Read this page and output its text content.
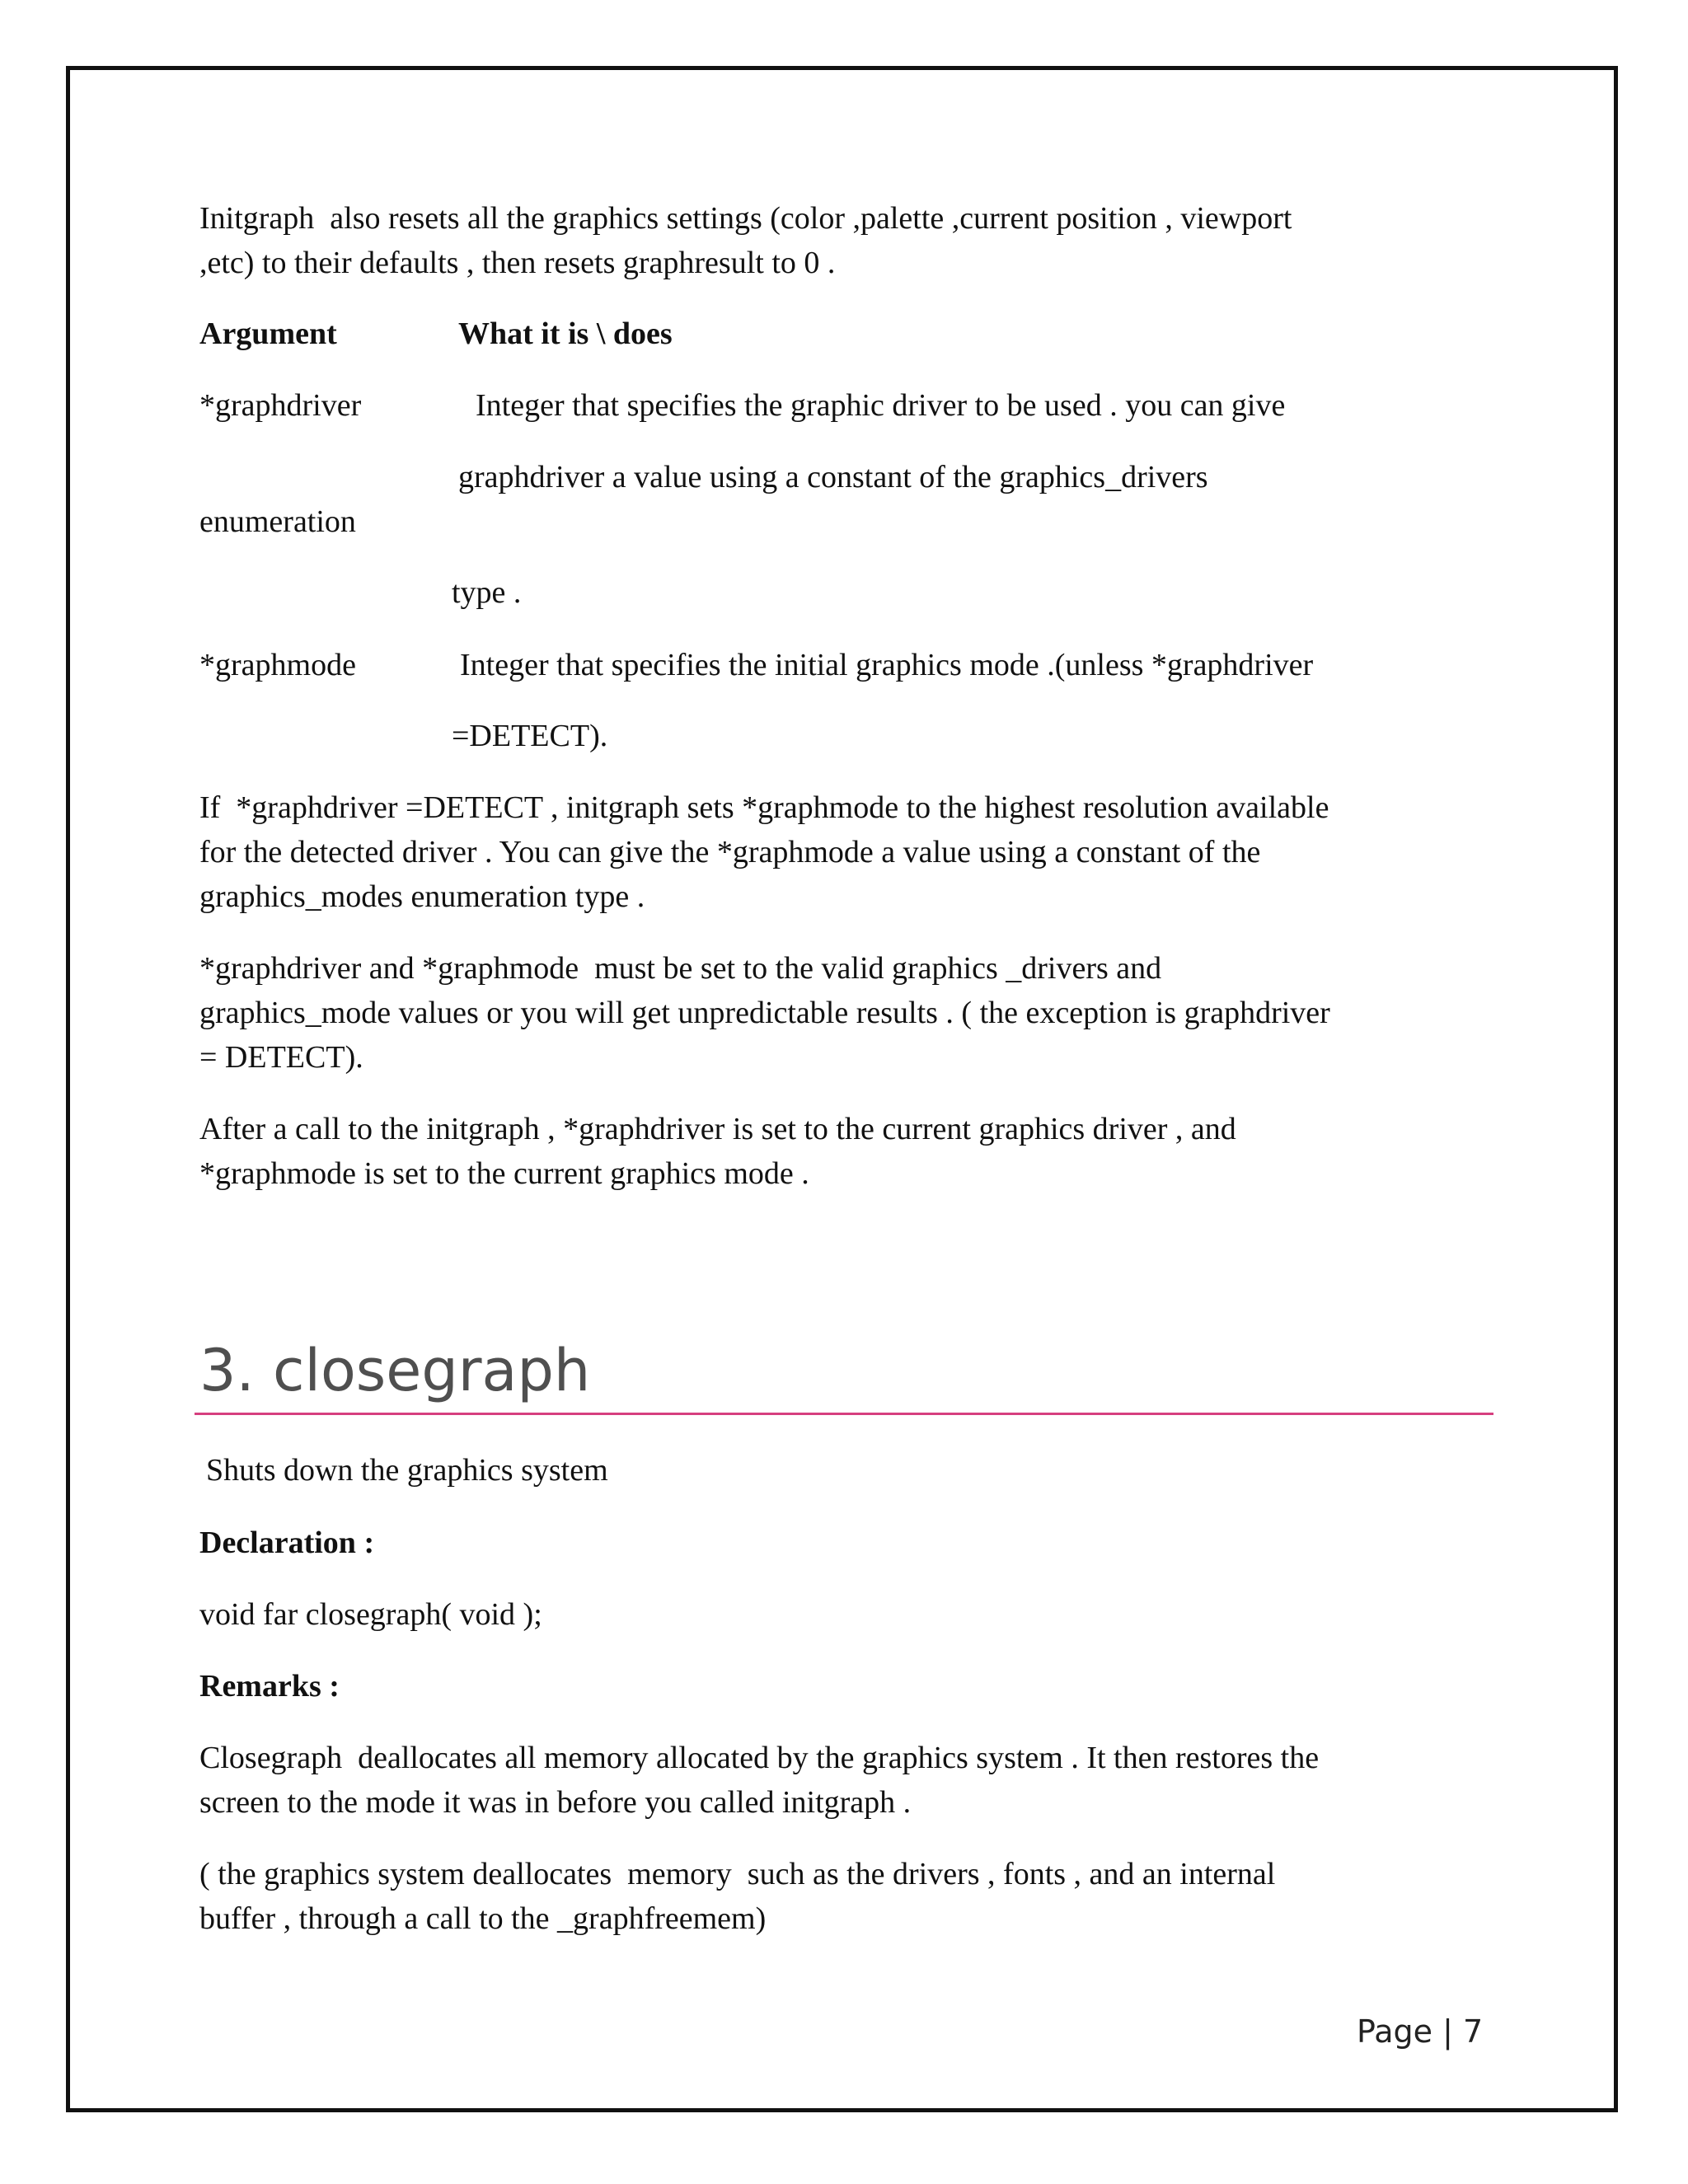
Initgraph  also resets all the graphics settings (color ,palette ,current position , viewport
,etc) to their defaults , then resets graphresult to 0 .
Argument	What it is \ does
*graphdriver	Integer that specifies the graphic driver to be used . you can give
graphdriver a value using a constant of the graphics_drivers
enumeration
type .
*graphmode	Integer that specifies the initial graphics mode .(unless *graphdriver
=DETECT).
If  *graphdriver =DETECT , initgraph sets *graphmode to the highest resolution available
for the detected driver . You can give the *graphmode a value using a constant of the
graphics_modes enumeration type .
*graphdriver and *graphmode  must be set to the valid graphics _drivers and
graphics_mode values or you will get unpredictable results . ( the exception is graphdriver
= DETECT).
After a call to the initgraph , *graphdriver is set to the current graphics driver , and
*graphmode is set to the current graphics mode .
3. closegraph
Shuts down the graphics system
Declaration :
void far closegraph( void );
Remarks :
Closegraph  deallocates all memory allocated by the graphics system . It then restores the
screen to the mode it was in before you called initgraph .
( the graphics system deallocates  memory  such as the drivers , fonts , and an internal
buffer , through a call to the _graphfreemem)
Page | 7
